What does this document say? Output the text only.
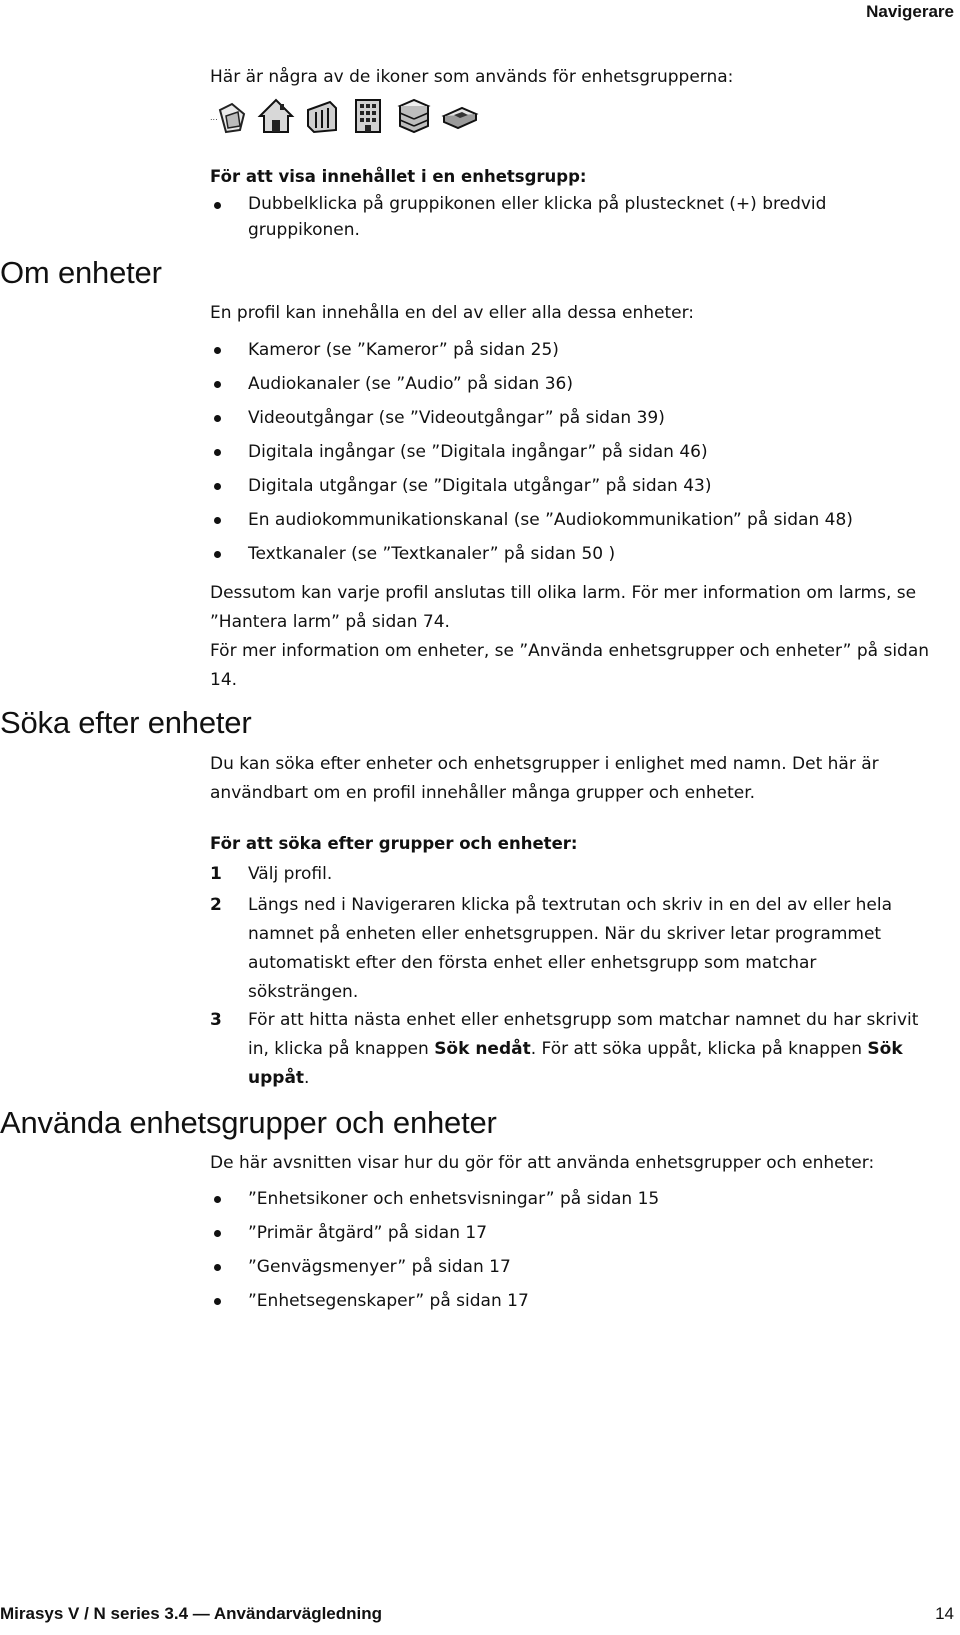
Navigerare
Här är några av de ikoner som används för enhetsgrupperna:
...
För att visa innehållet i en enhetsgrupp:
Dubbelklicka på gruppikonen eller klicka på plustecknet (+) bredvid gruppikonen.
Om enheter
En profil kan innehålla en del av eller alla dessa enheter:
Kameror (se ”Kameror” på sidan 25)
Audiokanaler (se ”Audio” på sidan 36)
Videoutgångar (se ”Videoutgångar” på sidan 39)
Digitala ingångar (se ”Digitala ingångar” på sidan 46)
Digitala utgångar (se ”Digitala utgångar” på sidan 43)
En audiokommunikationskanal (se ”Audiokommunikation” på sidan 48)
Textkanaler (se ”Textkanaler” på sidan 50 )
Dessutom kan varje profil anslutas till olika larm. För mer information om larms, se ”Hantera larm” på sidan 74.
För mer information om enheter, se ”Använda enhetsgrupper och enheter” på sidan 14.
Söka efter enheter
Du kan söka efter enheter och enhetsgrupper i enlighet med namn. Det här är användbart om en profil innehåller många grupper och enheter.
För att söka efter grupper och enheter:
1	Välj profil.
2	Längs ned i Navigeraren klicka på textrutan och skriv in en del av eller hela namnet på enheten eller enhetsgruppen. När du skriver letar programmet automatiskt efter den första enhet eller enhetsgrupp som matchar söksträngen.
3	För att hitta nästa enhet eller enhetsgrupp som matchar namnet du har skrivit in, klicka på knappen Sök nedåt. För att söka uppåt, klicka på knappen Sök uppåt.
Använda enhetsgrupper och enheter
De här avsnitten visar hur du gör för att använda enhetsgrupper och enheter:
”Enhetsikoner och enhetsvisningar” på sidan 15
”Primär åtgärd” på sidan 17
”Genvägsmenyer” på sidan 17
”Enhetsegenskaper” på sidan 17
Mirasys V / N series 3.4 — Användarvägledning	14
